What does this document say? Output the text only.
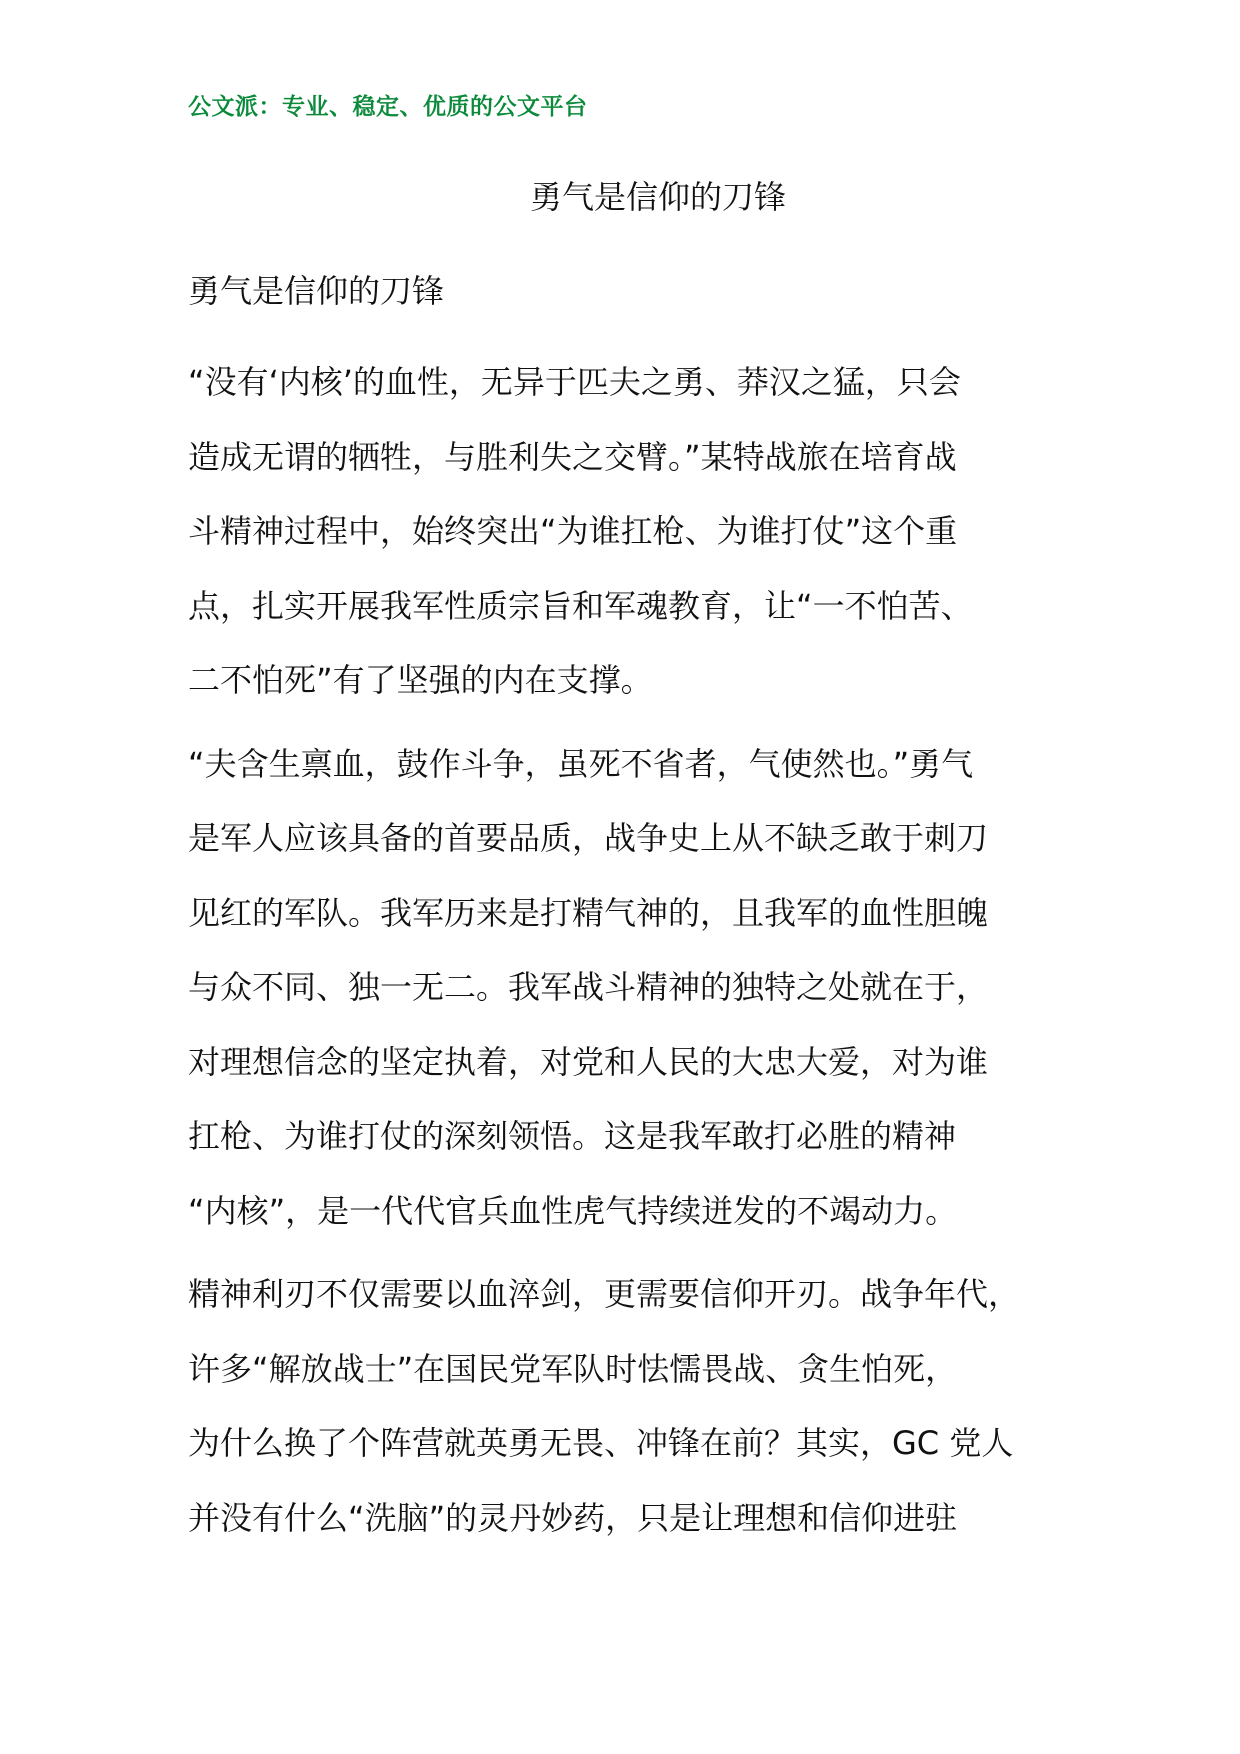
公文派：专业、稳定、优质的公文平台
勇气是信仰的刀锋
勇气是信仰的刀锋
“没有‘内核’的血性，无异于匹夫之勇、莽汉之猛，只会
造成无谓的牺牲，与胜利失之交臂。”某特战旅在培育战
斗精神过程中，始终突出“为谁扛枪、为谁打仗”这个重
点，扎实开展我军性质宗旨和军魂教育，让“一不怕苦、
二不怕死”有了坚强的内在支撑。
“夫含生禀血，鼓作斗争，虽死不省者，气使然也。”勇气
是军人应该具备的首要品质，战争史上从不缺乏敢于刺刀
见红的军队。我军历来是打精气神的，且我军的血性胆魄
与众不同、独一无二。我军战斗精神的独特之处就在于，
对理想信念的坚定执着，对党和人民的大忠大爱，对为谁
扛枪、为谁打仗的深刻领悟。这是我军敢打必胜的精神
“内核”，是一代代官兵血性虎气持续迸发的不竭动力。
精神利刃不仅需要以血淬剑，更需要信仰开刃。战争年代，
许多“解放战士”在国民党军队时怯懦畏战、贪生怕死，
为什么换了个阵营就英勇无畏、冲锋在前？其实，GC 党人
并没有什么“洗脑”的灵丹妙药，只是让理想和信仰进驻
